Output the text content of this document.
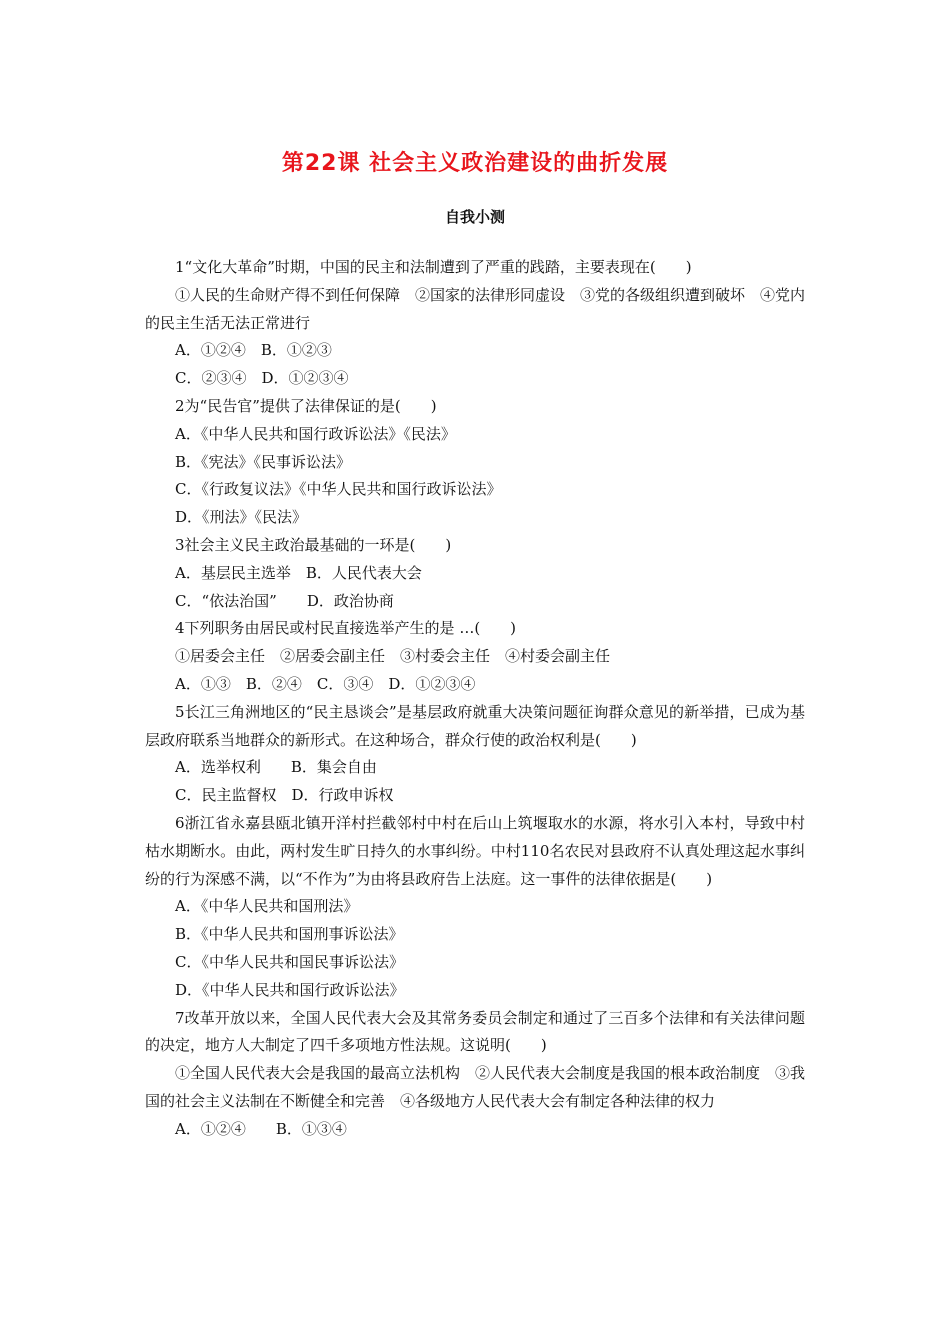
第22课 社会主义政治建设的曲折发展
自我小测

1“文化大革命”时期，中国的民主和法制遭到了严重的践踏，主要表现在(　　)

①人民的生命财产得不到任何保障　②国家的法律形同虚设　③党的各级组织遭到破坏　④党内的民主生活无法正常进行

A．①②④　B．①②③

C．②③④　D．①②③④

2为“民告官”提供了法律保证的是(　　)

A．《中华人民共和国行政诉讼法》《民法》

B．《宪法》《民事诉讼法》

C．《行政复议法》《中华人民共和国行政诉讼法》

D．《刑法》《民法》

3社会主义民主政治最基础的一环是(　　)

A．基层民主选举　B．人民代表大会

C．“依法治国”　　D．政治协商

4下列职务由居民或村民直接选举产生的是 …(　　)

①居委会主任　②居委会副主任　③村委会主任　④村委会副主任

A．①③　B．②④　C．③④　D．①②③④

5长江三角洲地区的“民主恳谈会”是基层政府就重大决策问题征询群众意见的新举措，已成为基层政府联系当地群众的新形式。在这种场合，群众行使的政治权利是(　　)

A．选举权利　　B．集会自由

C．民主监督权　D．行政申诉权

6浙江省永嘉县瓯北镇开洋村拦截邻村中村在后山上筑堰取水的水源，将水引入本村，导致中村枯水期断水。由此，两村发生旷日持久的水事纠纷。中村110名农民对县政府不认真处理这起水事纠纷的行为深感不满，以“不作为”为由将县政府告上法庭。这一事件的法律依据是(　　)

A．《中华人民共和国刑法》

B．《中华人民共和国刑事诉讼法》

C．《中华人民共和国民事诉讼法》

D．《中华人民共和国行政诉讼法》

7改革开放以来，全国人民代表大会及其常务委员会制定和通过了三百多个法律和有关法律问题的决定，地方人大制定了四千多项地方性法规。这说明(　　)

①全国人民代表大会是我国的最高立法机构　②人民代表大会制度是我国的根本政治制度　③我国的社会主义法制在不断健全和完善　④各级地方人民代表大会有制定各种法律的权力

A．①②④　　B．①③④
